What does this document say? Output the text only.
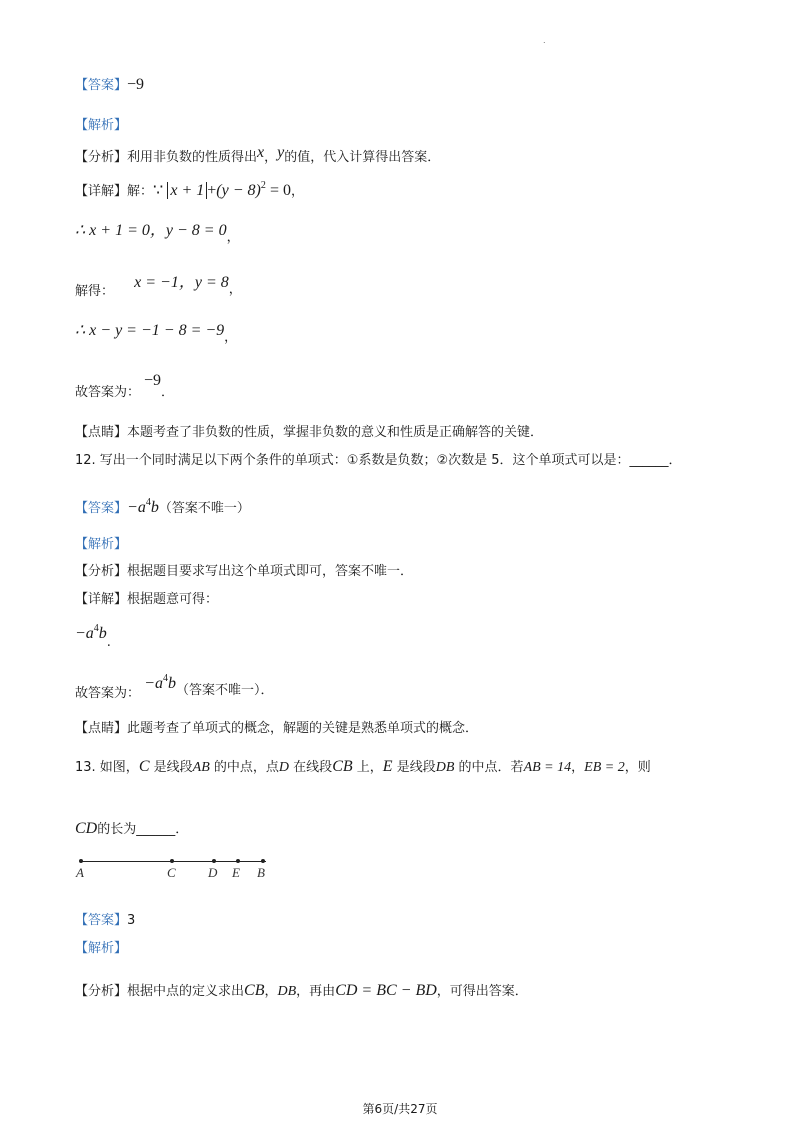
.
【答案】−9
【解析】
【分析】利用非负数的性质得出x，y的值，代入计算得出答案．
【详解】解：∵ $x + 1 +(y - 8)^2 = 0$，
∴ x + 1 = 0，y − 8 = 0，
解得： x = −1，y = 8，
∴ x − y = −1 − 8 = −9，
故答案为：−9．
【点睛】本题考查了非负数的性质，掌握非负数的意义和性质是正确解答的关键．
12. 写出一个同时满足以下两个条件的单项式：①系数是负数；②次数是 5．这个单项式可以是：______．
【答案】$-a^4b$（答案不唯一）
【解析】
【分析】根据题目要求写出这个单项式即可，答案不唯一．
【详解】根据题意可得：
$-a^4b$.
故答案为： $-a^4b$（答案不唯一）．
【点睛】此题考查了单项式的概念，解题的关键是熟悉单项式的概念．
13. 如图，C 是线段AB 的中点，点D 在线段CB 上，E 是线段DB 的中点．若AB = 14，EB = 2，则
CD的长为______．
A	C D E B
【答案】3
【解析】
【分析】根据中点的定义求出CB，DB，再由CD = BC − BD，可得出答案．
第6页/共27页
